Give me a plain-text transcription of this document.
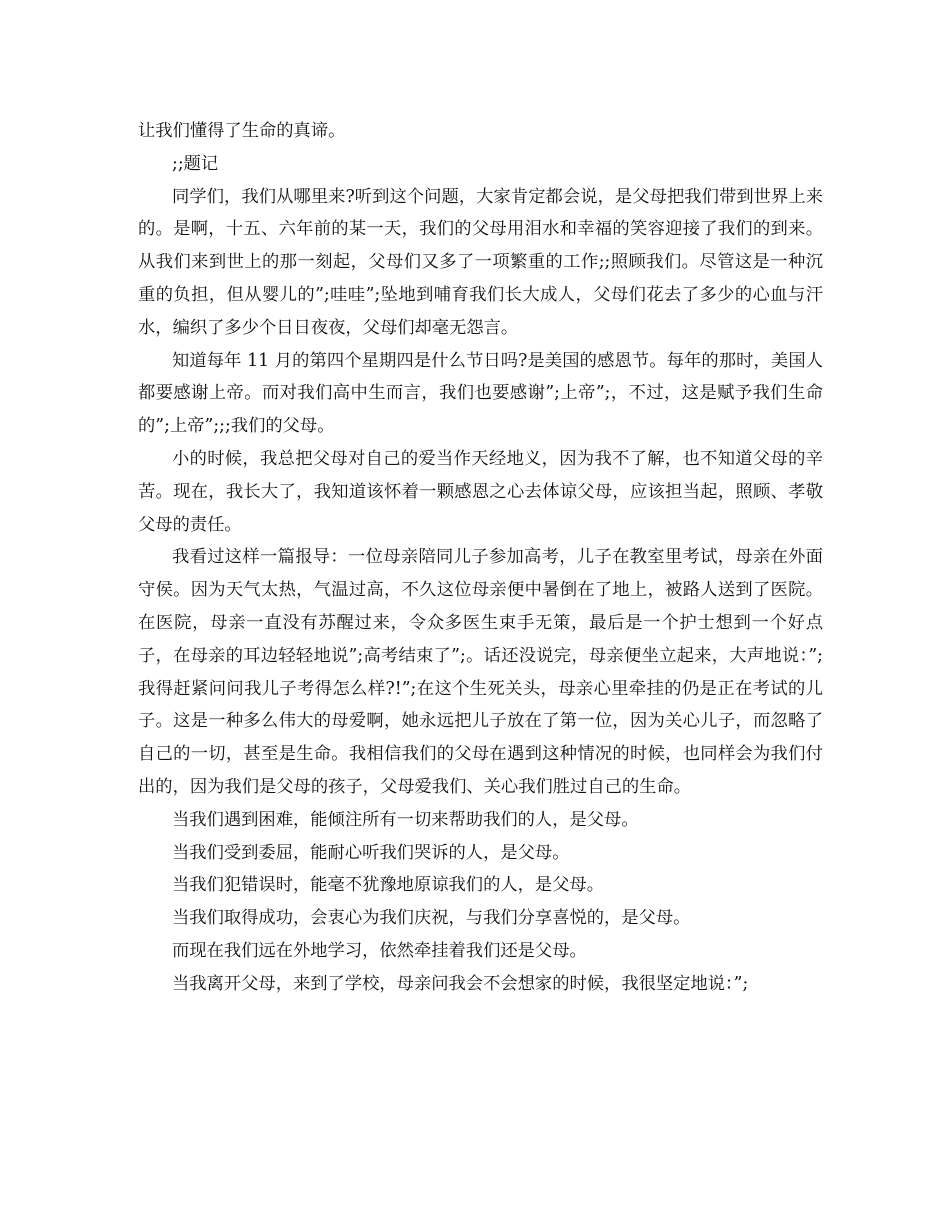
让我们懂得了生命的真谛。

;;题记

同学们，我们从哪里来?听到这个问题，大家肯定都会说，是父母把我们带到世界上来的。是啊，十五、六年前的某一天，我们的父母用泪水和幸福的笑容迎接了我们的到来。从我们来到世上的那一刻起，父母们又多了一项繁重的工作;;照顾我们。尽管这是一种沉重的负担，但从婴儿的”;哇哇”;坠地到哺育我们长大成人，父母们花去了多少的心血与汗水，编织了多少个日日夜夜，父母们却毫无怨言。

知道每年 11 月的第四个星期四是什么节日吗?是美国的感恩节。每年的那时，美国人都要感谢上帝。而对我们高中生而言，我们也要感谢”;上帝”;，不过，这是赋予我们生命的”;上帝”;;;我们的父母。

小的时候，我总把父母对自己的爱当作天经地义，因为我不了解，也不知道父母的辛苦。现在，我长大了，我知道该怀着一颗感恩之心去体谅父母，应该担当起，照顾、孝敬父母的责任。

我看过这样一篇报导：一位母亲陪同儿子参加高考，儿子在教室里考试，母亲在外面守侯。因为天气太热，气温过高，不久这位母亲便中暑倒在了地上，被路人送到了医院。在医院，母亲一直没有苏醒过来，令众多医生束手无策，最后是一个护士想到一个好点子，在母亲的耳边轻轻地说”;高考结束了”;。话还没说完，母亲便坐立起来，大声地说：”;我得赶紧问问我儿子考得怎么样?!”;在这个生死关头，母亲心里牵挂的仍是正在考试的儿子。这是一种多么伟大的母爱啊，她永远把儿子放在了第一位，因为关心儿子，而忽略了自己的一切，甚至是生命。我相信我们的父母在遇到这种情况的时候，也同样会为我们付出的，因为我们是父母的孩子，父母爱我们、关心我们胜过自己的生命。

当我们遇到困难，能倾注所有一切来帮助我们的人，是父母。

当我们受到委屈，能耐心听我们哭诉的人，是父母。

当我们犯错误时，能毫不犹豫地原谅我们的人，是父母。

当我们取得成功，会衷心为我们庆祝，与我们分享喜悦的，是父母。

而现在我们远在外地学习，依然牵挂着我们还是父母。

当我离开父母，来到了学校，母亲问我会不会想家的时候，我很坚定地说：”;
